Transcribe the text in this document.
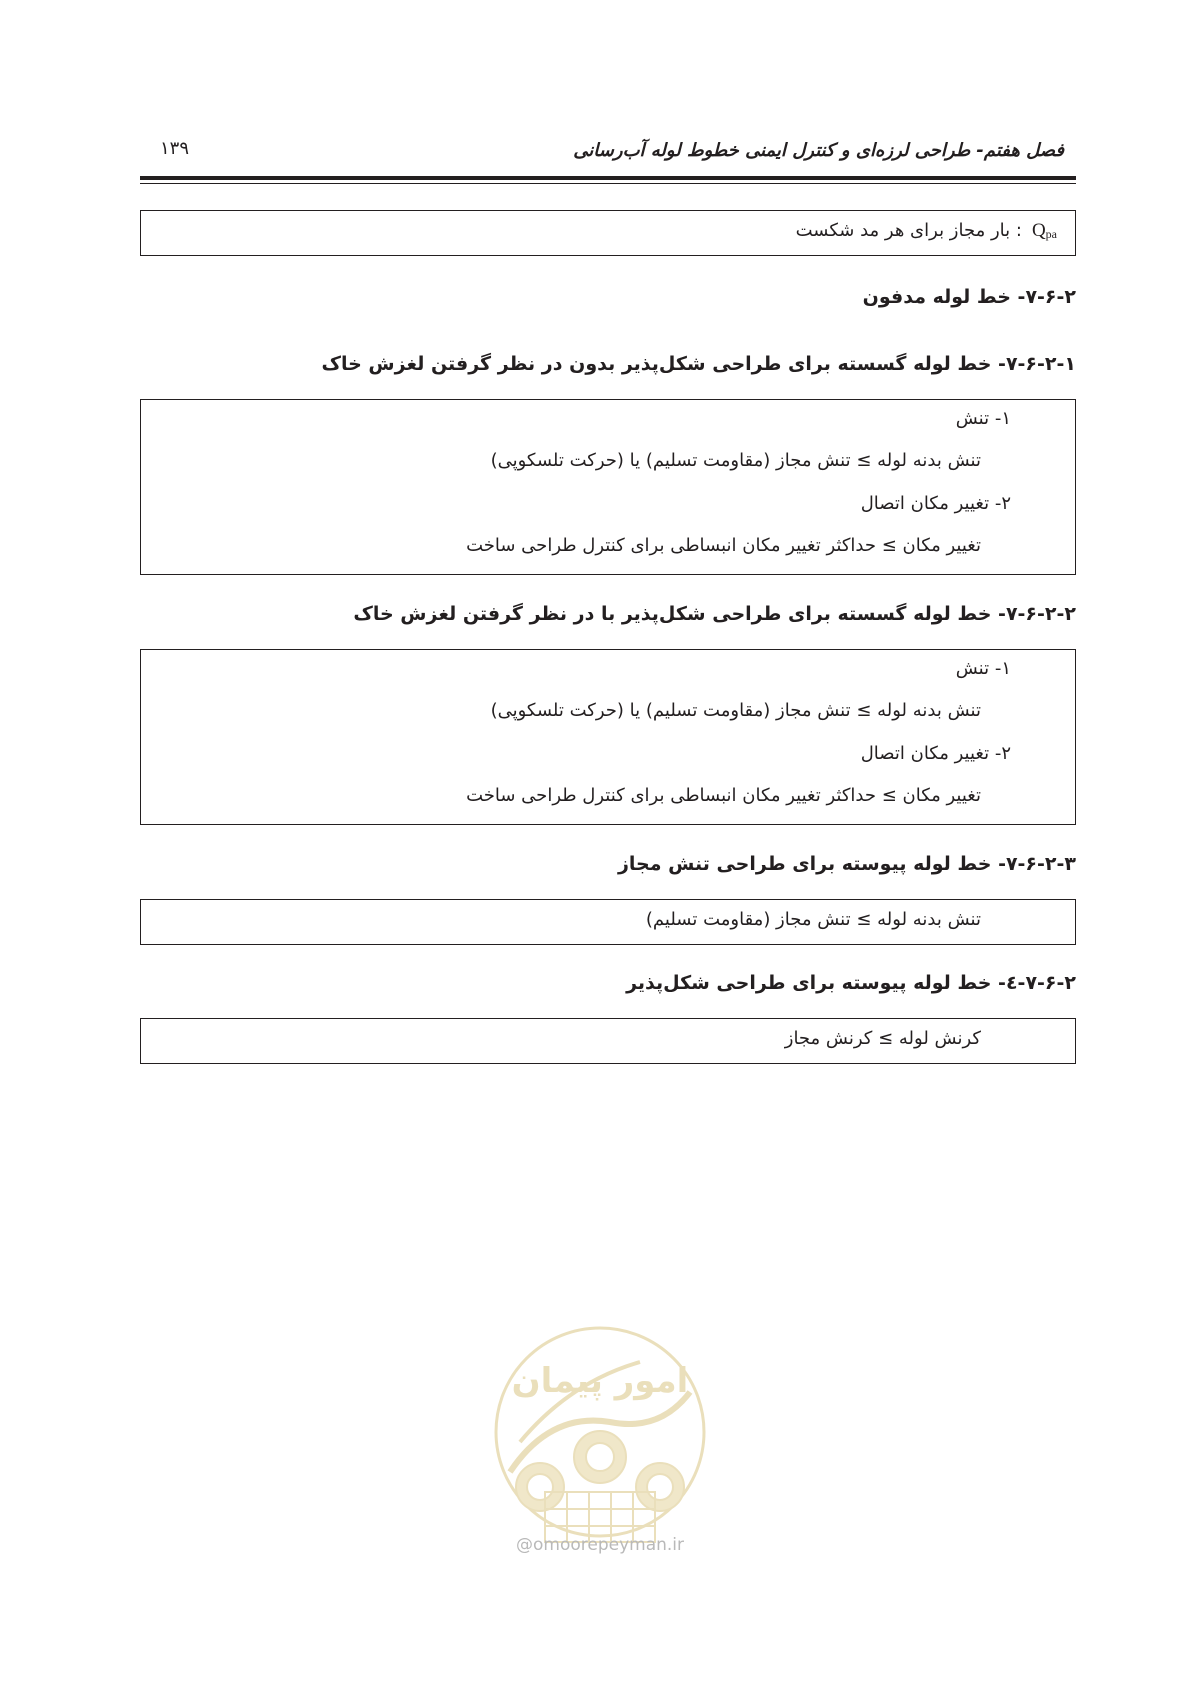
فصل هفتم- طراحی لرزه‌ای و کنترل ایمنی خطوط لوله آب‌رسانی
۱۳۹
$Q_{pa}$: بار مجاز برای هر مد شکست
۷-۶-۲- خط لوله مدفون
۷-۶-۲-۱- خط لوله گسسته برای طراحی شکل‌پذیر بدون در نظر گرفتن لغزش خاک
۱- تنش
تنش بدنه لوله ≥ تنش مجاز (مقاومت تسلیم) یا (حرکت تلسکوپی)
۲- تغییر مکان اتصال
تغییر مکان ≥ حداکثر تغییر مکان انبساطی برای کنترل طراحی ساخت
۷-۶-۲-۲- خط لوله گسسته برای طراحی شکل‌پذیر با در نظر گرفتن لغزش خاک
۱- تنش
تنش بدنه لوله ≥ تنش مجاز (مقاومت تسلیم) یا (حرکت تلسکوپی)
۲- تغییر مکان اتصال
تغییر مکان ≥ حداکثر تغییر مکان انبساطی برای کنترل طراحی ساخت
۷-۶-۲-۳- خط لوله پیوسته برای طراحی تنش مجاز
تنش بدنه لوله ≥ تنش مجاز (مقاومت تسلیم)
۷-۶-۲-٤- خط لوله پیوسته برای طراحی شکل‌پذیر
کرنش لوله ≥ کرنش مجاز
امور پیمان
@omoorepeyman.ir
